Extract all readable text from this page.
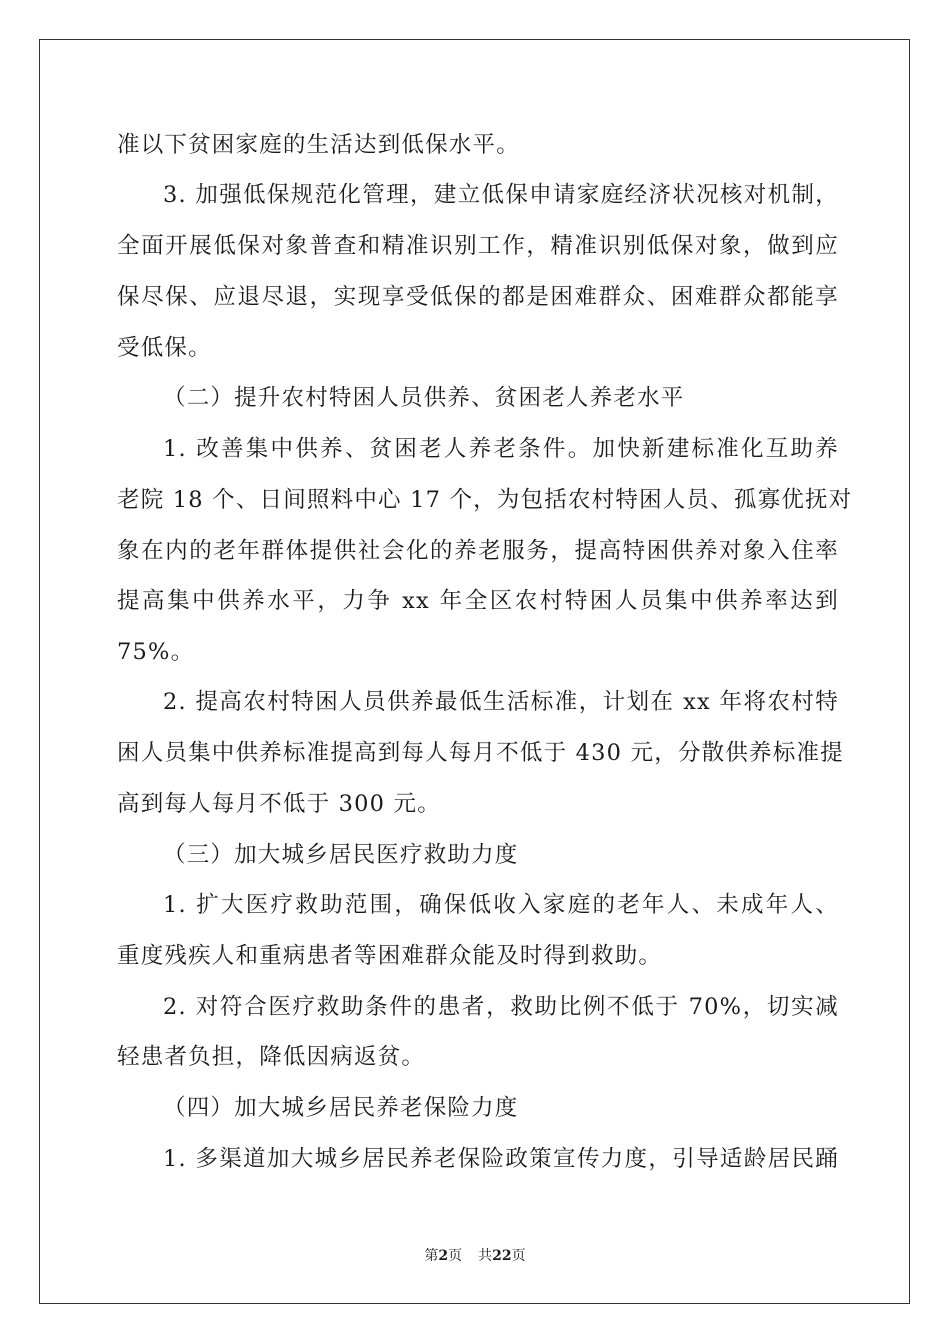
准以下贫困家庭的生活达到低保水平。
3. 加强低保规范化管理，建立低保申请家庭经济状况核对机制，
全面开展低保对象普查和精准识别工作，精准识别低保对象，做到应
保尽保、应退尽退，实现享受低保的都是困难群众、困难群众都能享
受低保。
（二）提升农村特困人员供养、贫困老人养老水平
1. 改善集中供养、贫困老人养老条件。加快新建标准化互助养
老院 18 个、日间照料中心 17 个，为包括农村特困人员、孤寡优抚对
象在内的老年群体提供社会化的养老服务，提高特困供养对象入住率
提高集中供养水平，力争 xx 年全区农村特困人员集中供养率达到
75%。
2. 提高农村特困人员供养最低生活标准，计划在 xx 年将农村特
困人员集中供养标准提高到每人每月不低于 430 元，分散供养标准提
高到每人每月不低于 300 元。
（三）加大城乡居民医疗救助力度
1. 扩大医疗救助范围，确保低收入家庭的老年人、未成年人、
重度残疾人和重病患者等困难群众能及时得到救助。
2. 对符合医疗救助条件的患者，救助比例不低于 70%，切实减
轻患者负担，降低因病返贫。
（四）加大城乡居民养老保险力度
1. 多渠道加大城乡居民养老保险政策宣传力度，引导适龄居民踊
第2页 共22页
